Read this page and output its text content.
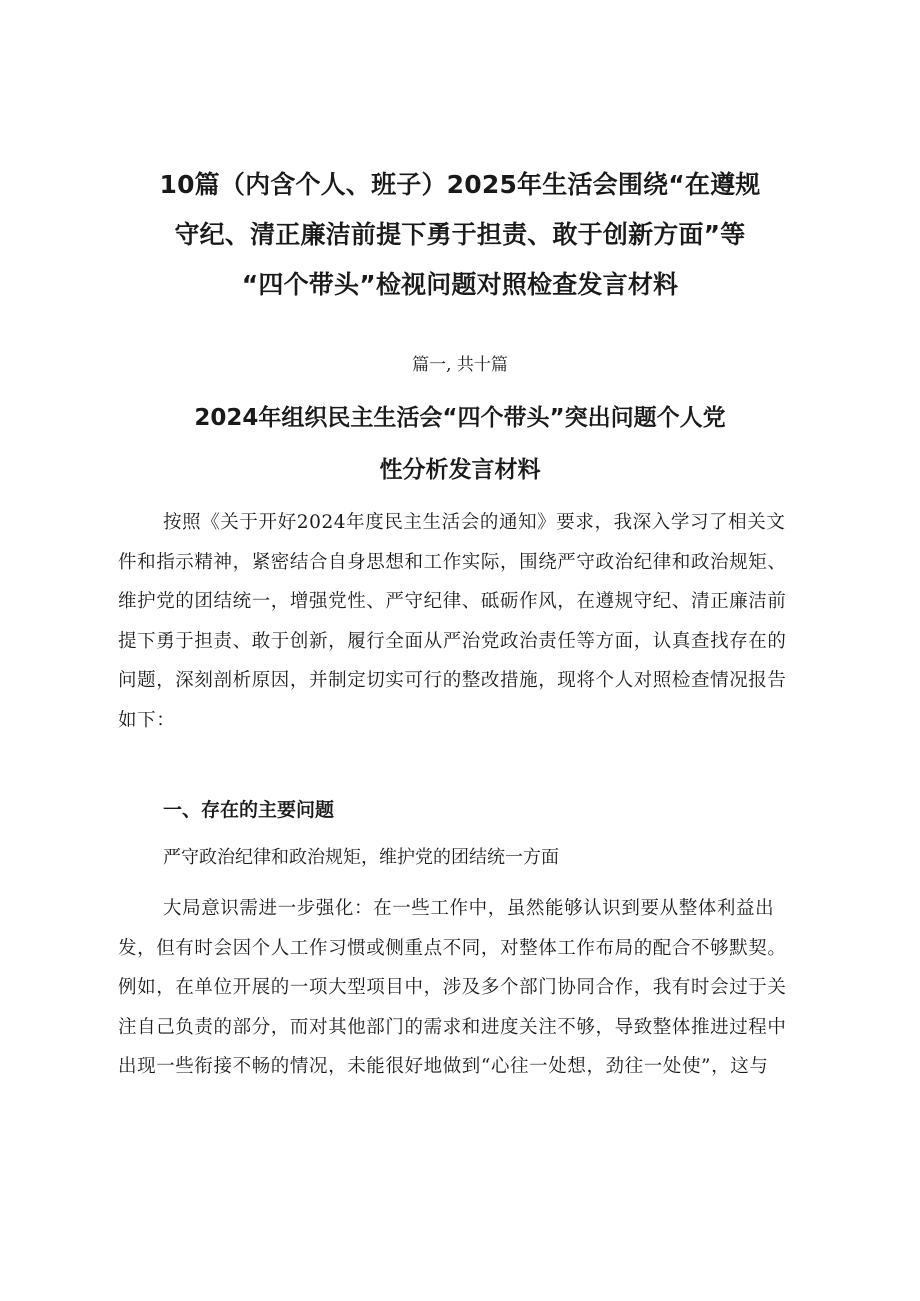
10篇（内含个人、班子）2025年生活会围绕“在遵规
守纪、清正廉洁前提下勇于担责、敢于创新方面”等
“四个带头”检视问题对照检查发言材料
篇一, 共十篇
2024年组织民主生活会“四个带头”突出问题个人党
性分析发言材料
按照《关于开好2024年度民主生活会的通知》要求，我深入学习了相关文
件和指示精神，紧密结合自身思想和工作实际，围绕严守政治纪律和政治规矩、
维护党的团结统一，增强党性、严守纪律、砥砺作风，在遵规守纪、清正廉洁前
提下勇于担责、敢于创新，履行全面从严治党政治责任等方面，认真查找存在的
问题，深刻剖析原因，并制定切实可行的整改措施，现将个人对照检查情况报告
如下：
一、存在的主要问题
严守政治纪律和政治规矩，维护党的团结统一方面
大局意识需进一步强化：在一些工作中，虽然能够认识到要从整体利益出
发，但有时会因个人工作习惯或侧重点不同，对整体工作布局的配合不够默契。
例如，在单位开展的一项大型项目中，涉及多个部门协同合作，我有时会过于关
注自己负责的部分，而对其他部门的需求和进度关注不够，导致整体推进过程中
出现一些衔接不畅的情况，未能很好地做到“心往一处想，劲往一处使”，这与
